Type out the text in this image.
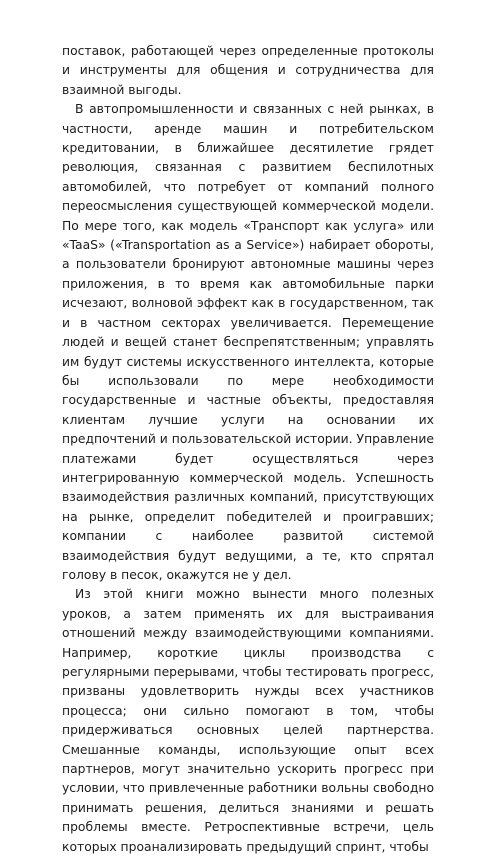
поставок, работающей через определенные протоколы и инструменты для общения и сотрудничества для взаимной выгоды.

В автопромышленности и связанных с ней рынках, в частности, аренде машин и потребительском кредитовании, в ближайшее десятилетие грядет революция, связанная с развитием беспилотных автомобилей, что потребует от компаний полного переосмысления существующей коммерческой модели. По мере того, как модель «Транспорт как услуга» или «TaaS» («Transportation as a Service») набирает обороты, а пользователи бронируют автономные машины через приложения, в то время как автомобильные парки исчезают, волновой эффект как в государственном, так и в частном секторах увеличивается. Перемещение людей и вещей станет беспрепятственным; управлять им будут системы искусственного интеллекта, которые бы использовали по мере необходимости государственные и частные объекты, предоставляя клиентам лучшие услуги на основании их предпочтений и пользовательской истории. Управление платежами будет осуществляться через интегрированную коммерческой модель. Успешность взаимодействия различных компаний, присутствующих на рынке, определит победителей и проигравших; компании с наиболее развитой системой взаимодействия будут ведущими, а те, кто спрятал голову в песок, окажутся не у дел.

Из этой книги можно вынести много полезных уроков, а затем применять их для выстраивания отношений между взаимодействующими компаниями. Например, короткие циклы производства с регулярными перерывами, чтобы тестировать прогресс, призваны удовлетворить нужды всех участников процесса; они сильно помогают в том, чтобы придерживаться основных целей партнерства. Смешанные команды, использующие опыт всех партнеров, могут значительно ускорить прогресс при условии, что привлеченные работники вольны свободно принимать решения, делиться знаниями и решать проблемы вместе. Ретроспективные встречи, цель которых проанализировать предыдущий спринт, чтобы
